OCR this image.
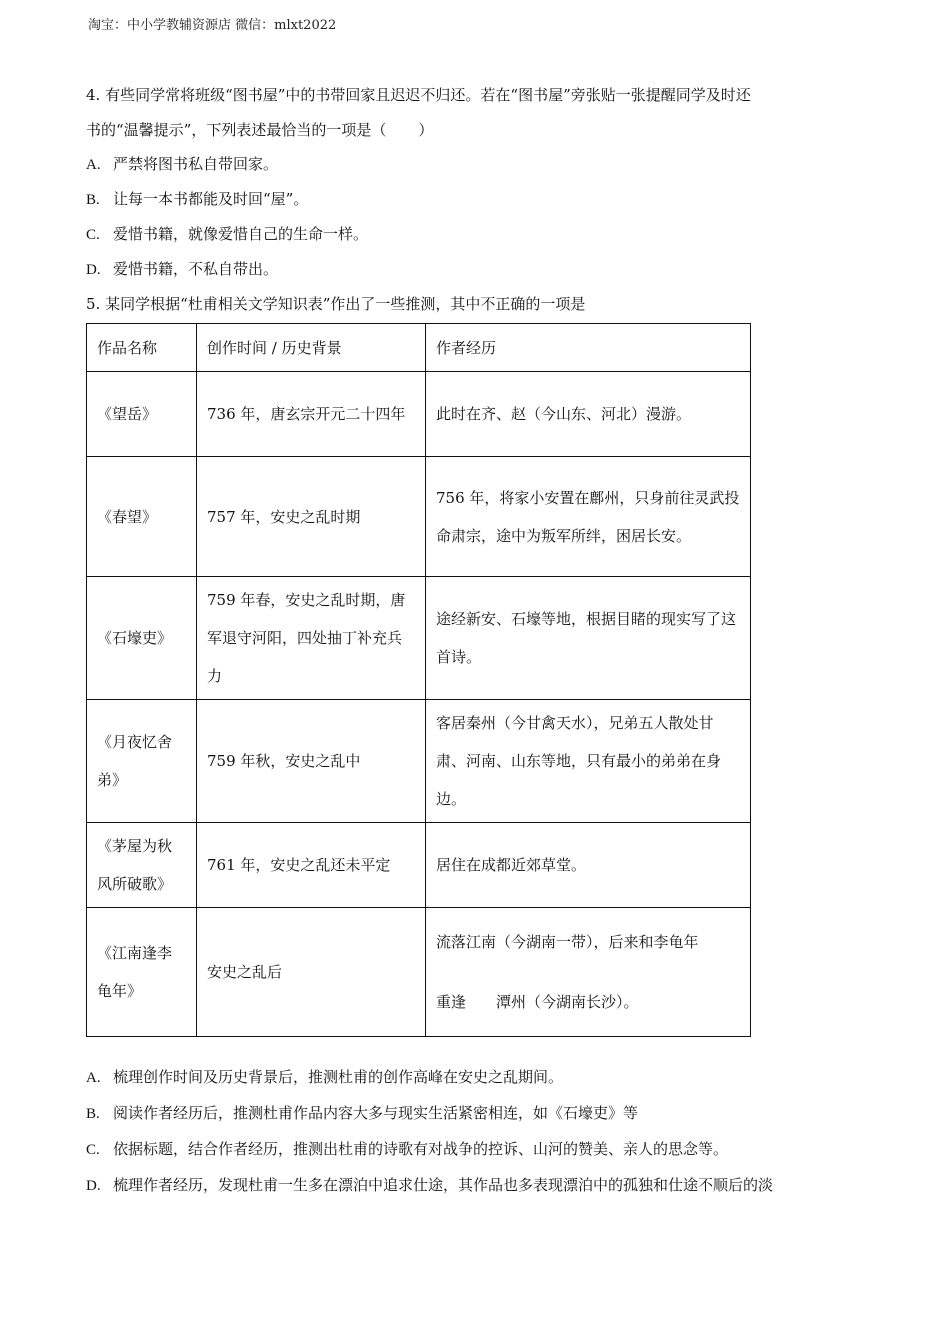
淘宝：中小学教辅资源店 微信：mlxt2022

4. 有些同学常将班级“图书屋”中的书带回家且迟迟不归还。若在“图书屋”旁张贴一张提醒同学及时还

书的“温馨提示”，下列表述最恰当的一项是（ ）

A. 严禁将图书私自带回家。

B. 让每一本书都能及时回“屋”。

C. 爱惜书籍，就像爱惜自己的生命一样。

D. 爱惜书籍，不私自带出。

5. 某同学根据“杜甫相关文学知识表”作出了一些推测，其中不正确的一项是

作品名称	创作时间 / 历史背景	作者经历
《望岳》	736 年，唐玄宗开元二十四年	此时在齐、赵（今山东、河北）漫游。
《春望》	757 年，安史之乱时期	756 年，将家小安置在鄜州，只身前往灵武投命肃宗，途中为叛军所绊，困居长安。
《石壕吏》	759 年春，安史之乱时期，唐军退守河阳，四处抽丁补充兵力	途经新安、石壕等地，根据目睹的现实写了这首诗。
《月夜忆舍弟》	759 年秋，安史之乱中	客居秦州（今甘禽天水），兄弟五人散处甘肃、河南、山东等地，只有最小的弟弟在身边。
《茅屋为秋风所破歌》	761 年，安史之乱还未平定	居住在成都近郊草堂。
《江南逢李龟年》	安史之乱后	流落江南（今湖南一带），后来和李龟年
重逢 潭州（今湖南长沙）。

A. 梳理创作时间及历史背景后，推测杜甫的创作高峰在安史之乱期间。

B. 阅读作者经历后，推测杜甫作品内容大多与现实生活紧密相连，如《石壕吏》等

C. 依据标题，结合作者经历，推测出杜甫的诗歌有对战争的控诉、山河的赞美、亲人的思念等。

D. 梳理作者经历，发现杜甫一生多在漂泊中追求仕途，其作品也多表现漂泊中的孤独和仕途不顺后的淡
